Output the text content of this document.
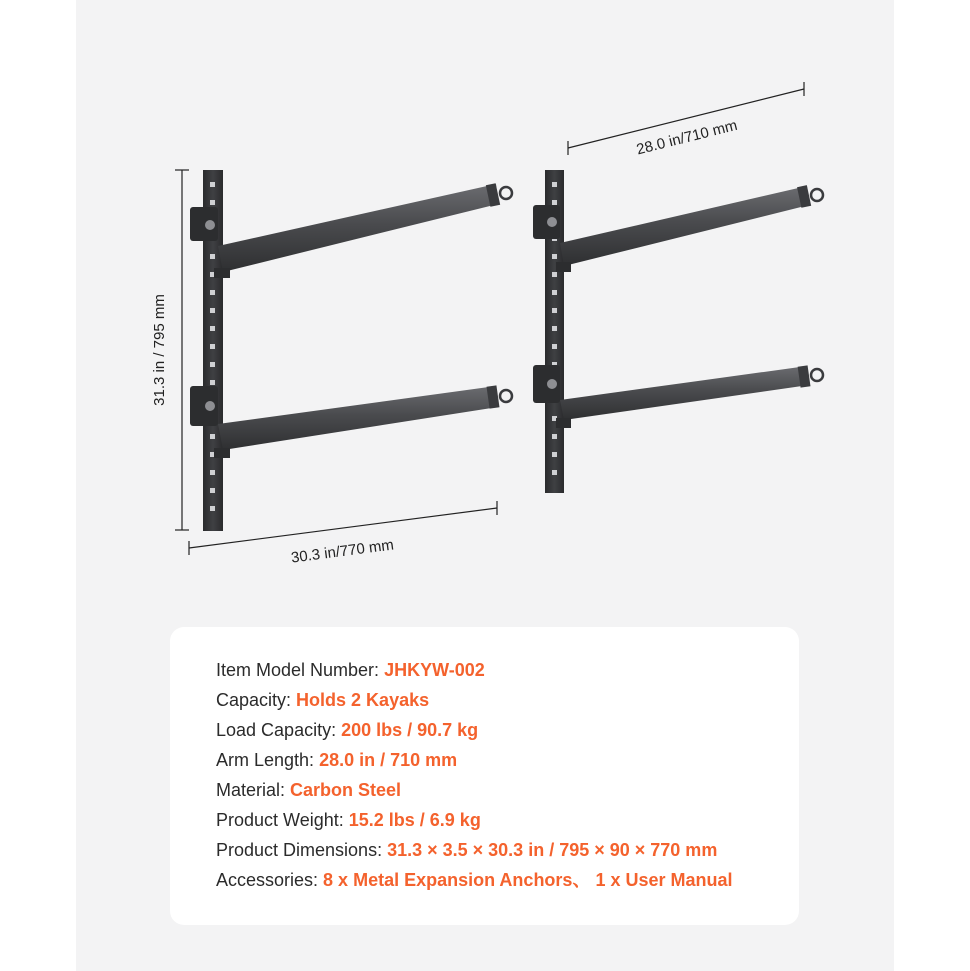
31.3 in / 795 mm
30.3 in/770 mm
28.0 in/710 mm
Item Model Number: JHKYW-002
Capacity: Holds 2 Kayaks
Load Capacity: 200 lbs / 90.7 kg
Arm Length: 28.0 in / 710 mm
Material: Carbon Steel
Product Weight: 15.2 lbs / 6.9 kg
Product Dimensions: 31.3 × 3.5 × 30.3 in / 795 × 90 × 770 mm
Accessories: 8 x Metal Expansion Anchors、 1 x User Manual
